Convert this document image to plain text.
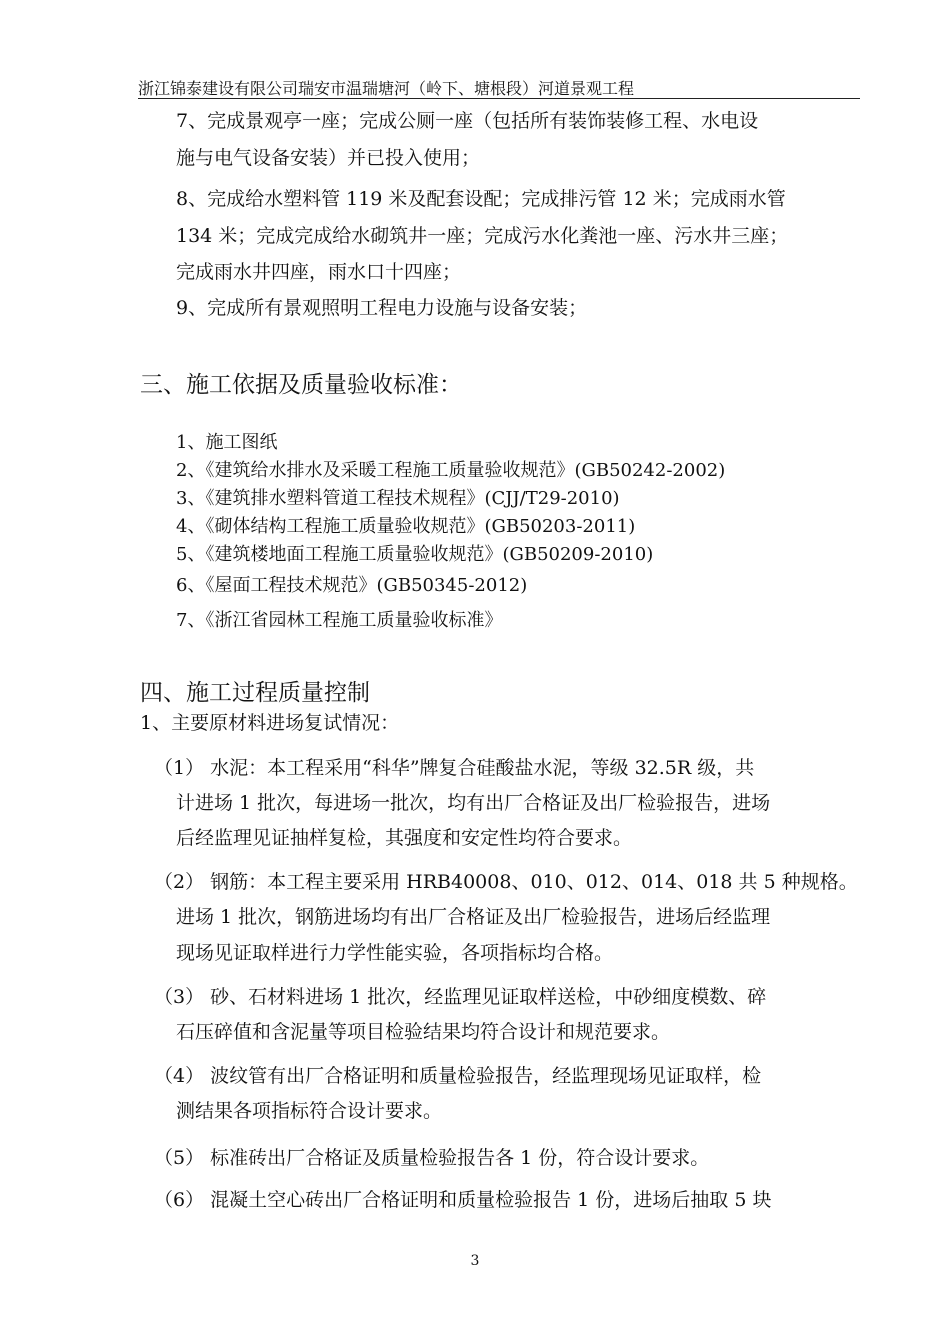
浙江锦泰建设有限公司瑞安市温瑞塘河（岭下、塘根段）河道景观工程
7、完成景观亭一座；完成公厕一座（包括所有装饰装修工程、水电设
施与电气设备安装）并已投入使用；
8、完成给水塑料管 119 米及配套设配；完成排污管 12 米；完成雨水管
134 米；完成完成给水砌筑井一座；完成污水化粪池一座、污水井三座；
完成雨水井四座，雨水口十四座；
9、完成所有景观照明工程电力设施与设备安装；
三、施工依据及质量验收标准：
1、施工图纸
2、《建筑给水排水及采暖工程施工质量验收规范》(GB50242-2002)
3、《建筑排水塑料管道工程技术规程》(CJJ/T29-2010)
4、《砌体结构工程施工质量验收规范》(GB50203-2011)
5、《建筑楼地面工程施工质量验收规范》(GB50209-2010)
6、《屋面工程技术规范》(GB50345-2012)
7、《浙江省园林工程施工质量验收标准》
四、施工过程质量控制
1、主要原材料进场复试情况：
（1） 水泥：本工程采用“科华”牌复合硅酸盐水泥，等级 32.5R 级，共
计进场 1 批次，每进场一批次，均有出厂合格证及出厂检验报告，进场
后经监理见证抽样复检，其强度和安定性均符合要求。
（2） 钢筋：本工程主要采用 HRB40008、010、012、014、018 共 5 种规格。
进场 1 批次，钢筋进场均有出厂合格证及出厂检验报告，进场后经监理
现场见证取样进行力学性能实验，各项指标均合格。
（3） 砂、石材料进场 1 批次，经监理见证取样送检，中砂细度模数、碎
石压碎值和含泥量等项目检验结果均符合设计和规范要求。
（4） 波纹管有出厂合格证明和质量检验报告，经监理现场见证取样，检
测结果各项指标符合设计要求。
（5） 标准砖出厂合格证及质量检验报告各 1 份，符合设计要求。
（6） 混凝土空心砖出厂合格证明和质量检验报告 1 份，进场后抽取 5 块
3
